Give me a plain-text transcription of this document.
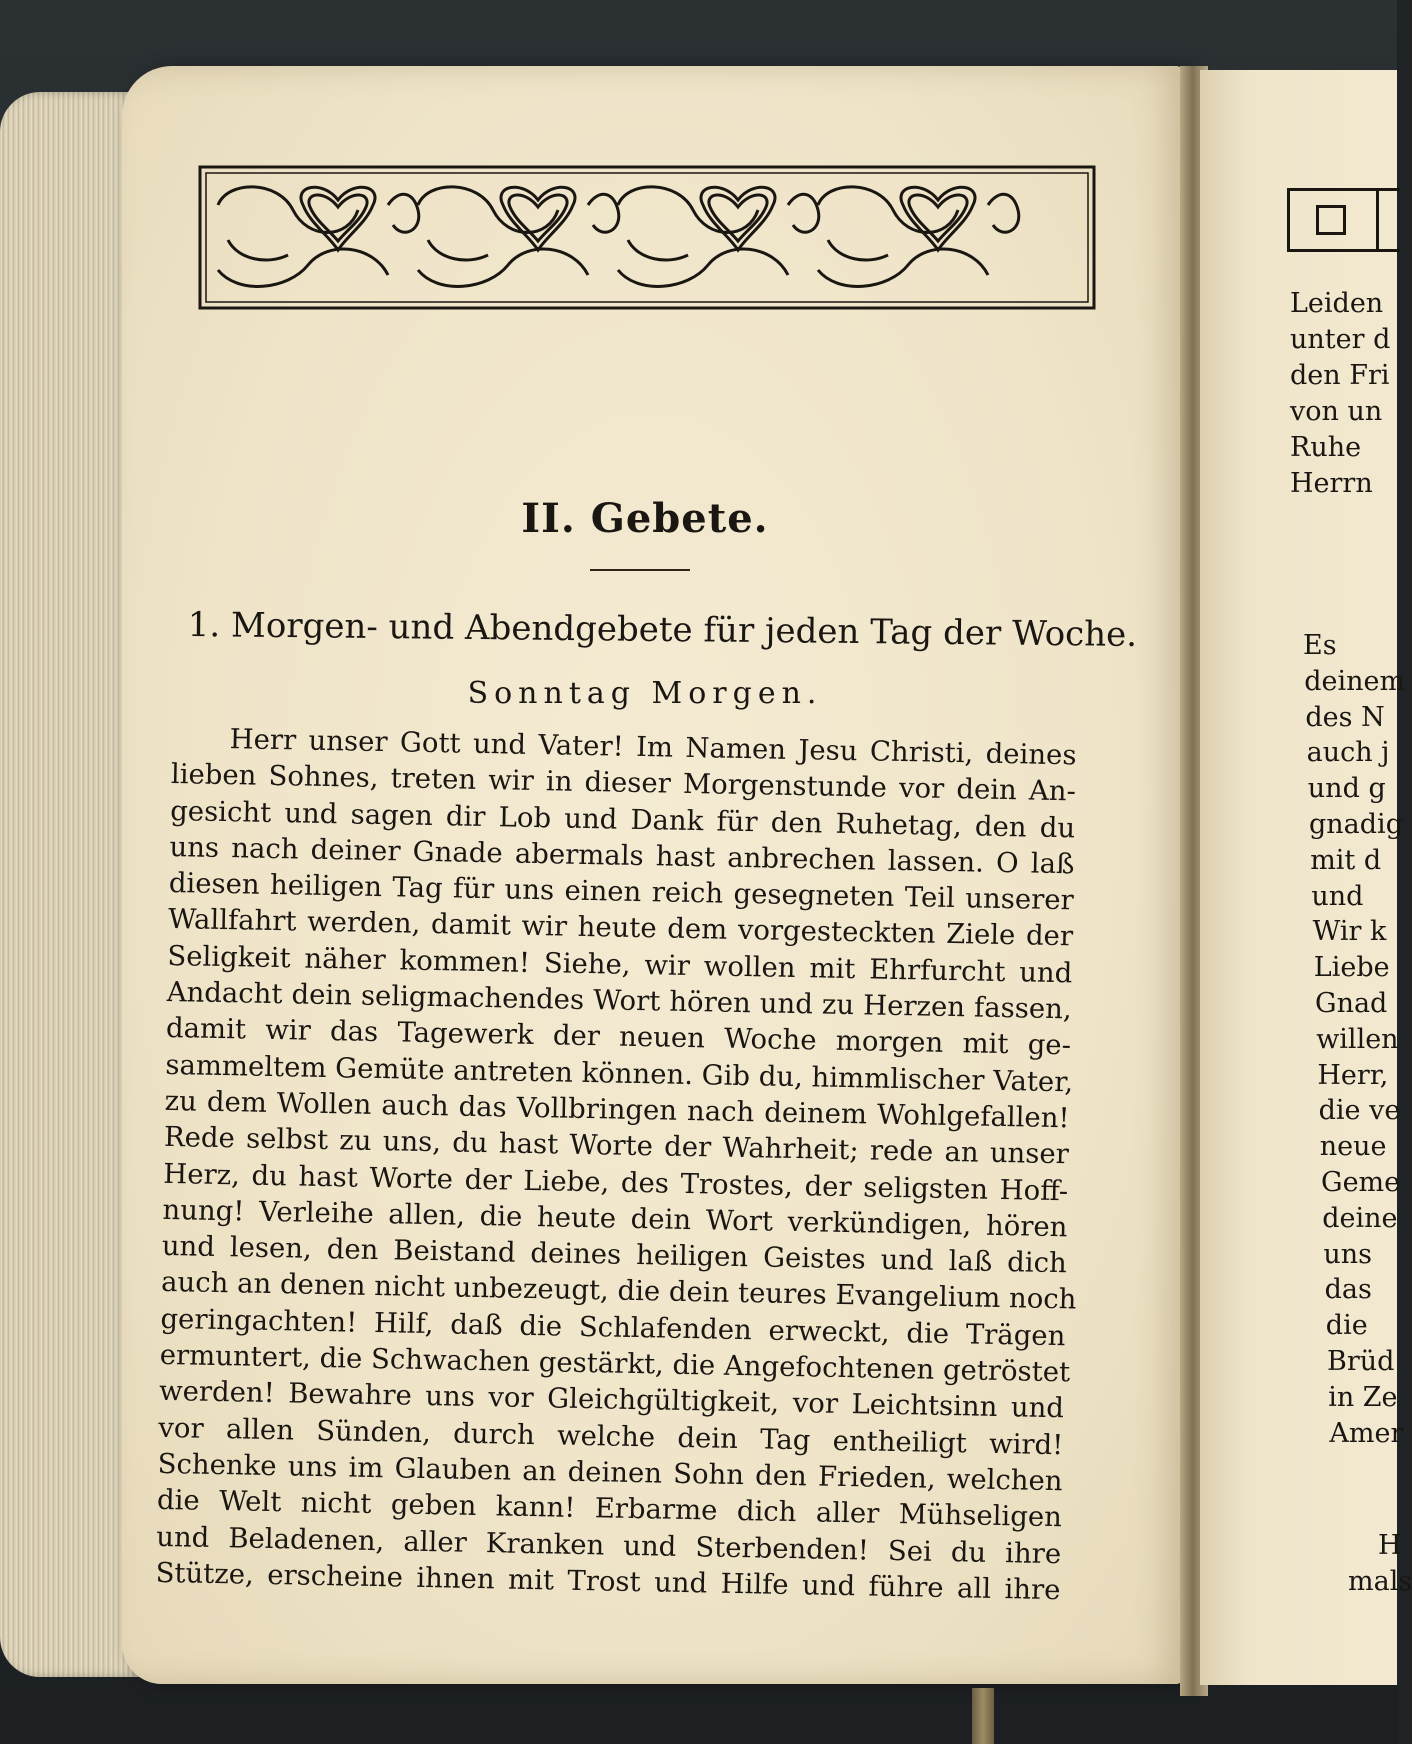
II. Gebete.
1. Morgen- und Abendgebete für jeden Tag der Woche.
Sonntag Morgen.
Herr unser Gott und Vater! Im Namen Jesu Christi, deines
lieben Sohnes, treten wir in dieser Morgenstunde vor dein An-
gesicht und sagen dir Lob und Dank für den Ruhetag, den du
uns nach deiner Gnade abermals hast anbrechen lassen. O laß
diesen heiligen Tag für uns einen reich gesegneten Teil unserer
Wallfahrt werden, damit wir heute dem vorgesteckten Ziele der
Seligkeit näher kommen! Siehe, wir wollen mit Ehrfurcht und
Andacht dein seligmachendes Wort hören und zu Herzen fassen,
damit wir das Tagewerk der neuen Woche morgen mit ge-
sammeltem Gemüte antreten können. Gib du, himmlischer Vater,
zu dem Wollen auch das Vollbringen nach deinem Wohlgefallen!
Rede selbst zu uns, du hast Worte der Wahrheit; rede an unser
Herz, du hast Worte der Liebe, des Trostes, der seligsten Hoff-
nung! Verleihe allen, die heute dein Wort verkündigen, hören
und lesen, den Beistand deines heiligen Geistes und laß dich
auch an denen nicht unbezeugt, die dein teures Evangelium noch
geringachten! Hilf, daß die Schlafenden erweckt, die Trägen
ermuntert, die Schwachen gestärkt, die Angefochtenen getröstet
werden! Bewahre uns vor Gleichgültigkeit, vor Leichtsinn und
vor allen Sünden, durch welche dein Tag entheiligt wird!
Schenke uns im Glauben an deinen Sohn den Frieden, welchen
die Welt nicht geben kann! Erbarme dich aller Mühseligen
und Beladenen, aller Kranken und Sterbenden! Sei du ihre
Stütze, erscheine ihnen mit Trost und Hilfe und führe all ihre
Leiden
unter d
den Fri
von un
Ruhe
Herrn
Es
deinem
des N
auch j
und g
gnadig
mit d
und
Wir k
Liebe
Gnad
willen
Herr,
die ve
neue
Geme
deine
uns
das
die
Brüd
in Ze
Amer
H
mals
